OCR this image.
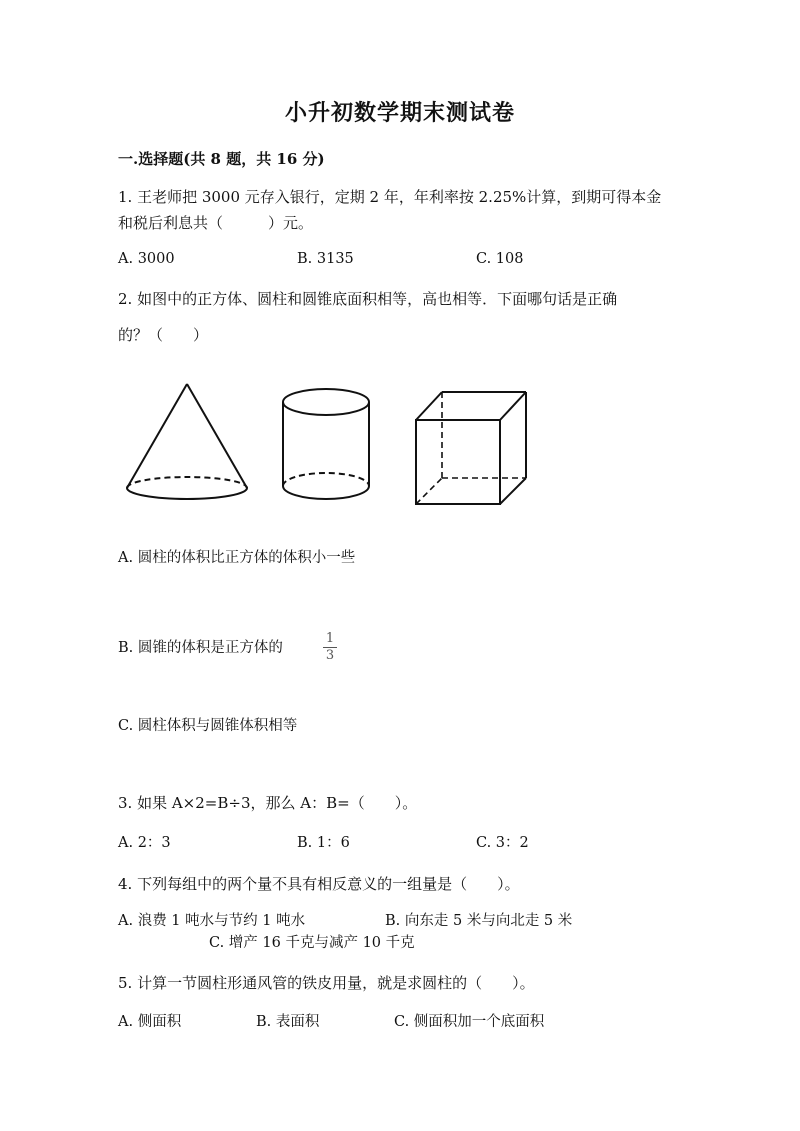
小升初数学期末测试卷
一.选择题(共 8 题，共 16 分)
1. 王老师把 3000 元存入银行，定期 2 年，年利率按 2.25%计算，到期可得本金
和税后利息共（　　　）元。
A. 3000	B. 3135	C. 108
2. 如图中的正方体、圆柱和圆锥底面积相等，高也相等．下面哪句话是正确
的？（　　）
A. 圆柱的体积比正方体的体积小一些
B. 圆锥的体积是正方体的
1
3
C. 圆柱体积与圆锥体积相等
3. 如果 A×2=B÷3，那么 A：B=（　　）。
A. 2：3	B. 1：6	C. 3：2
4. 下列每组中的两个量不具有相反意义的一组量是（　　）。
A. 浪费 1 吨水与节约 1 吨水	B. 向东走 5 米与向北走 5 米
C. 增产 16 千克与减产 10 千克
5. 计算一节圆柱形通风管的铁皮用量，就是求圆柱的（　　）。
A. 侧面积	B. 表面积	C. 侧面积加一个底面积
